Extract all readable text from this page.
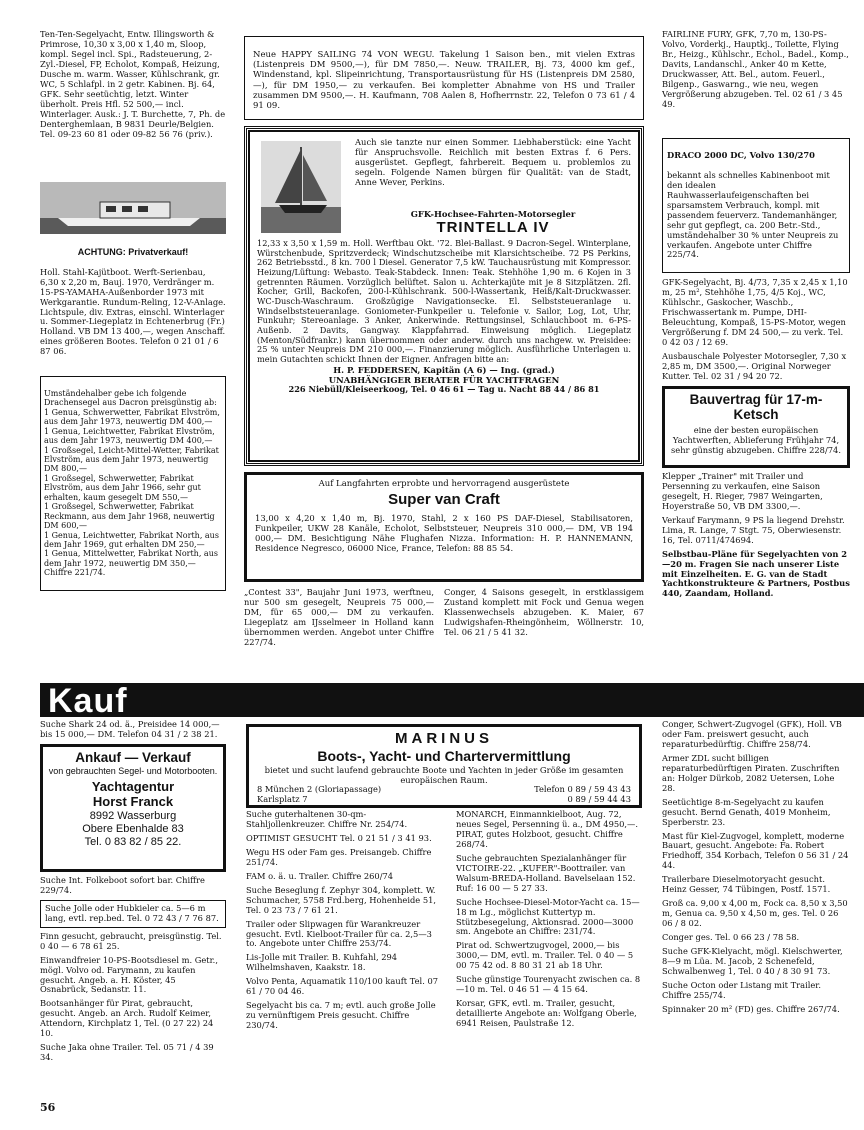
Ten-Ten-Segelyacht, Entw. Illingsworth & Primrose, 10,30 x 3,00 x 1,40 m, Sloop, kompl. Segel incl. Spi., Radsteuerung, 2-Zyl.-Diesel, FP, Echolot, Kompaß, Heizung, Dusche m. warm. Wasser, Kühlschrank, gr. WC, 5 Schlafpl. in 2 getr. Kabinen. Bj. 64, GFK. Sehr seetüchtig, letzt. Winter überholt. Preis Hfl. 52 500,— incl. Winterlager. Ausk.: J. T. Burchette, 7, Ph. de Denterghemlaan, B 9831 Deurle/Belgien. Tel. 09-23 60 81 oder 09-82 56 76 (priv.).

ACHTUNG: Privatverkauf!

Holl. Stahl-Kajütboot. Werft-Serienbau, 6,30 x 2,20 m, Bauj. 1970, Verdränger m. 15-PS-YAMAHA-Außenborder 1973 mit Werkgarantie. Rundum-Reling, 12-V-Anlage. Lichtspule, div. Extras, einschl. Winterlager u. Sommer-Liegeplatz in Echtenerbrug (Fr.) Holland. VB DM 13 400,—, wegen Anschaff. eines größeren Bootes. Telefon 0 21 01 / 6 87 06.

Umständehalber gebe ich folgende Drachensegel aus Dacron preisgünstig ab:
1 Genua, Schwerwetter, Fabrikat Elvström, aus dem Jahr 1973, neuwertig DM 400,—
1 Genua, Leichtwetter, Fabrikat Elvström, aus dem Jahr 1973, neuwertig DM 400,—
1 Großsegel, Leicht-Mittel-Wetter, Fabrikat Elvström, aus dem Jahr 1973, neuwertig DM 800,—
1 Großsegel, Schwerwetter, Fabrikat Elvström, aus dem Jahr 1966, sehr gut erhalten, kaum gesegelt DM 550,—
1 Großsegel, Schwerwetter, Fabrikat Reckmann, aus dem Jahr 1968, neuwertig DM 600,—
1 Genua, Leichtwetter, Fabrikat North, aus dem Jahr 1969, gut erhalten DM 250,—
1 Genua, Mittelwetter, Fabrikat North, aus dem Jahr 1972, neuwertig DM 350,—
Chiffre 221/74.

Neue HAPPY SAILING 74 VON WEGU. Takelung 1 Saison ben., mit vielen Extras (Listenpreis DM 9500,—), für DM 7850,—. Neuw. TRAILER, Bj. 73, 4000 km gef., Windenstand, kpl. Slipeinrichtung, Transportausrüstung für HS (Listenpreis DM 2580,—), für DM 1950,— zu verkaufen. Bei kompletter Abnahme von HS und Trailer zusammen DM 9500,—. H. Kaufmann, 708 Aalen 8, Hofherrnstr. 22, Telefon 0 73 61 / 4 91 09.

Auch sie tanzte nur einen Sommer. Liebhaberstück: eine Yacht für Anspruchsvolle. Reichlich mit besten Extras f. 6 Pers. ausgerüstet. Gepflegt, fahrbereit. Bequem u. problemlos zu segeln. Folgende Namen bürgen für Qualität: van de Stadt, Anne Wever, Perkins.

GFK-Hochsee-Fahrten-Motorsegler
TRINTELLA IV

12,33 x 3,50 x 1,59 m. Holl. Werftbau Okt. '72. Blei-Ballast. 9 Dacron-Segel. Winterplane, Würstchenbude, Spritzverdeck; Windschutzscheibe mit Klarsichtscheibe. 72 PS Perkins, 262 Betriebsstd., 8 kn. 700 l Diesel. Generator 7,5 kW. Tauchausrüstung mit Kompressor. Heizung/Lüftung: Webasto. Teak-Stabdeck. Innen: Teak. Stehhöhe 1,90 m. 6 Kojen in 3 getrennten Räumen. Vorzüglich belüftet. Salon u. Achterkajüte mit je 8 Sitzplätzen. 2fl. Kocher, Grill, Backofen, 200-l-Kühlschrank. 500-l-Wassertank, Heiß/Kalt-Druckwasser. WC-Dusch-Waschraum. Großzügige Navigationsecke. El. Selbststeueranlage u. Windselbststeueranlage. Goniometer-Funkpeiler u. Telefonie v. Sailor, Log, Lot, Uhr, Funkuhr; Stereoanlage. 3 Anker, Ankerwinde. Rettungsinsel, Schlauchboot m. 6-PS-Außenb. 2 Davits, Gangway. Klappfahrrad. Einweisung möglich. Liegeplatz (Menton/Südfrankr.) kann übernommen oder anderw. durch uns nachgew. w. Preisidee: 25 % unter Neupreis DM 210 000,—. Finanzierung möglich. Ausführliche Unterlagen u. mein Gutachten schickt Ihnen der Eigner. Anfragen bitte an:

H. P. FEDDERSEN, Kapitän (A 6) — Ing. (grad.)
UNABHÄNGIGER BERATER FÜR YACHTFRAGEN
226 Niebüll/Kleiseerkoog, Tel. 0 46 61 — Tag u. Nacht 88 44 / 86 81
Auf Langfahrten erprobte und hervorragend ausgerüstete
Super van Craft

13,00 x 4,20 x 1,40 m, Bj. 1970, Stahl, 2 x 160 PS DAF-Diesel, Stabilisatoren, Funkpeiler, UKW 28 Kanäle, Echolot, Selbststeuer, Neupreis 310 000,— DM, VB 194 000,— DM. Besichtigung Nähe Flughafen Nizza. Information: H. P. HANNEMANN, Residence Negresco, 06000 Nice, France, Telefon: 88 85 54.

„Contest 33", Baujahr Juni 1973, werftneu, nur 500 sm gesegelt, Neupreis 75 000,— DM, für 65 000,— DM zu verkaufen. Liegeplatz am IJsselmeer in Holland kann übernommen werden. Angebot unter Chiffre 227/74.

Conger, 4 Saisons gesegelt, in erstklassigem Zustand komplett mit Fock und Genua wegen Klassenwechsels abzugeben. K. Maier, 67 Ludwigshafen-Rheingönheim, Wöllnerstr. 10, Tel. 06 21 / 5 41 32.

FAIRLINE FURY, GFK, 7,70 m, 130-PS-Volvo, Vorderkj., Hauptkj., Toilette, Flying Br., Heizg., Kühlschr., Echol., Badel., Komp., Davits, Landanschl., Anker 40 m Kette, Druckwasser, Att. Bel., autom. Feuerl., Bilgenp., Gaswarng., wie neu, wegen Vergrößerung abzugeben. Tel. 02 61 / 3 45 49.

DRACO 2000 DC, Volvo 130/270

bekannt als schnelles Kabinenboot mit den idealen Rauhwasserlaufeigenschaften bei sparsamstem Verbrauch, kompl. mit passendem feuerverz. Tandemanhänger, sehr gut gepflegt, ca. 200 Betr.-Std., umständehalber 30 % unter Neupreis zu verkaufen. Angebote unter Chiffre 225/74.

GFK-Segelyacht, Bj. 4/73, 7,35 x 2,45 x 1,10 m, 25 m², Stehhöhe 1,75, 4/5 Koj., WC, Kühlschr., Gaskocher, Waschb., Frischwassertank m. Pumpe, DHI-Beleuchtung, Kompaß, 15-PS-Motor, wegen Vergrößerung f. DM 24 500,— zu verk. Tel. 0 42 03 / 12 69.

Ausbauschale Polyester Motorsegler, 7,30 x 2,85 m, DM 3500,—. Original Norweger Kutter. Tel. 02 31 / 94 20 72.

Bauvertrag für 17-m-Ketsch

eine der besten europäischen Yachtwerften, Ablieferung Frühjahr 74, sehr günstig abzugeben. Chiffre 228/74.

Klepper „Trainer" mit Trailer und Persenning zu verkaufen, eine Saison gesegelt, H. Rieger, 7987 Weingarten, Hoyerstraße 50, VB DM 3300,—.

Verkauf Farymann, 9 PS la liegend Drehstr. Lima, R. Lange, 7 Stgt. 75, Oberwiesenstr. 16, Tel. 0711/474694.

Selbstbau-Pläne für Segelyachten von 2—20 m. Fragen Sie nach unserer Liste mit Einzelheiten. E. G. van de Stadt Yachtkonstrukteure & Partners, Postbus 440, Zaandam, Holland.

Kauf

Suche Shark 24 od. ä., Preisidee 14 000,— bis 15 000,— DM. Telefon 04 31 / 2 38 21.

Ankauf — Verkauf
von gebrauchten Segel- und Motorbooten.
Yachtagentur
Horst Franck
8992 Wasserburg
Obere Ebenhalde 83
Tel. 0 83 82 / 85 22.

Suche Int. Folkeboot sofort bar. Chiffre 229/74.

Suche Jolle oder Hubkieler ca. 5—6 m lang, evtl. rep.bed. Tel. 0 72 43 / 7 76 87.

Finn gesucht, gebraucht, preisgünstig. Tel. 0 40 — 6 78 61 25.

Einwandfreier 10-PS-Bootsdiesel m. Getr., mögl. Volvo od. Farymann, zu kaufen gesucht. Angeb. a. H. Köster, 45 Osnabrück, Sedanstr. 11.

Bootsanhänger für Pirat, gebraucht, gesucht. Angeb. an Arch. Rudolf Keimer, Attendorn, Kirchplatz 1, Tel. (0 27 22) 24 10.

Suche Jaka ohne Trailer. Tel. 05 71 / 4 39 34.

56
MARINUS
Boots-, Yacht- und Chartervermittlung

bietet und sucht laufend gebrauchte Boote und Yachten in jeder Größe im gesamten europäischen Raum.

8 München 2 (Gloriapassage)
Karlsplatz 7
Telefon 0 89 / 59 43 43
0 89 / 59 44 43

Suche guterhaltenen 30-qm-Stahljollenkreuzer. Chiffre Nr. 254/74.

OPTIMIST GESUCHT Tel. 0 21 51 / 3 41 93.

Wegu HS oder Fam ges. Preisangeb. Chiffre 251/74.

FAM o. ä. u. Trailer. Chiffre 260/74

Suche Beseglung f. Zephyr 304, komplett. W. Schumacher, 5758 Frd.berg, Hohenheide 51, Tel. 0 23 73 / 7 61 21.

Trailer oder Slipwagen für Warankreuzer gesucht. Evtl. Kielboot-Trailer für ca. 2,5—3 to. Angebote unter Chiffre 253/74.

Lis-Jolle mit Trailer. B. Kuhfahl, 294 Wilhelmshaven, Kaakstr. 18.

Volvo Penta, Aquamatik 110/100 kauft Tel. 07 61 / 70 04 46.

Segelyacht bis ca. 7 m; evtl. auch große Jolle zu vernünftigem Preis gesucht. Chiffre 230/74.

MONARCH, Einmannkielboot, Aug. 72, neues Segel, Persenning ü. a., DM 4950,—. PIRAT, gutes Holzboot, gesucht. Chiffre 268/74.

Suche gebrauchten Spezialanhänger für VICTOIRE-22. „KUFER"-Boottrailer. van Walsum-BREDA-Holland. Bavelselaan 152. Ruf: 16 00 — 5 27 33.

Suche Hochsee-Diesel-Motor-Yacht ca. 15—18 m Lg., möglichst Kuttertyp m. Stützbesegelung, Aktionsrad. 2000—3000 sm. Angebote an Chiffre: 231/74.

Pirat od. Schwertzugvogel, 2000,— bis 3000,— DM, evtl. m. Trailer. Tel. 0 40 — 5 00 75 42 od. 8 80 31 21 ab 18 Uhr.

Suche günstige Tourenyacht zwischen ca. 8—10 m. Tel. 0 46 51 — 4 15 64.

Korsar, GFK, evtl. m. Trailer, gesucht, detaillierte Angebote an: Wolfgang Oberle, 6941 Reisen, Paulstraße 12.

Conger, Schwert-Zugvogel (GFK), Holl. VB oder Fam. preiswert gesucht, auch reparaturbedürftig. Chiffre 258/74.

Armer ZDL sucht billigen reparaturbedürftigen Piraten. Zuschriften an: Holger Dürkob, 2082 Uetersen, Lohe 28.

Seetüchtige 8-m-Segelyacht zu kaufen gesucht. Bernd Genath, 4019 Monheim, Sperberstr. 23.

Mast für Kiel-Zugvogel, komplett, moderne Bauart, gesucht. Angebote: Fa. Robert Friedhoff, 354 Korbach, Telefon 0 56 31 / 24 44.

Trailerbare Dieselmotoryacht gesucht. Heinz Gesser, 74 Tübingen, Postf. 1571.

Groß ca. 9,00 x 4,00 m, Fock ca. 8,50 x 3,50 m, Genua ca. 9,50 x 4,50 m, ges. Tel. 0 26 06 / 8 02.

Conger ges. Tel. 0 66 23 / 78 58.

Suche GFK-Kielyacht, mögl. Kielschwerter, 8—9 m Lüa. M. Jacob, 2 Schenefeld, Schwalbenweg 1, Tel. 0 40 / 8 30 91 73.

Suche Octon oder Listang mit Trailer. Chiffre 255/74.

Spinnaker 20 m² (FD) ges. Chiffre 267/74.
